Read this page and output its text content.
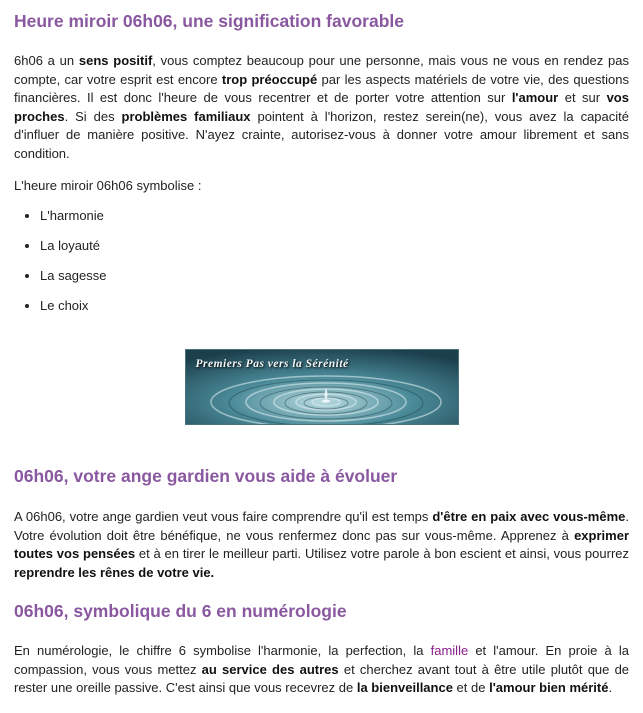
Heure miroir 06h06, une signification favorable

6h06 a un sens positif, vous comptez beaucoup pour une personne, mais vous ne vous en rendez pas compte, car votre esprit est encore trop préoccupé par les aspects matériels de votre vie, des questions financières. Il est donc l'heure de vous recentrer et de porter votre attention sur l'amour et sur vos proches. Si des problèmes familiaux pointent à l'horizon, restez serein(ne), vous avez la capacité d'influer de manière positive. N'ayez crainte, autorisez-vous à donner votre amour librement et sans condition.

L'heure miroir 06h06 symbolise :

• L'harmonie
• La loyauté
• La sagesse
• Le choix
Premiers Pas vers la Sérénité
06h06, votre ange gardien vous aide à évoluer

A 06h06, votre ange gardien veut vous faire comprendre qu'il est temps d'être en paix avec vous-même. Votre évolution doit être bénéfique, ne vous renfermez donc pas sur vous-même. Apprenez à exprimer toutes vos pensées et à en tirer le meilleur parti. Utilisez votre parole à bon escient et ainsi, vous pourrez reprendre les rênes de votre vie.

06h06, symbolique du 6 en numérologie

En numérologie, le chiffre 6 symbolise l'harmonie, la perfection, la famille et l'amour. En proie à la compassion, vous vous mettez au service des autres et cherchez avant tout à être utile plutôt que de rester une oreille passive. C'est ainsi que vous recevrez de la bienveillance et de l'amour bien mérité.
